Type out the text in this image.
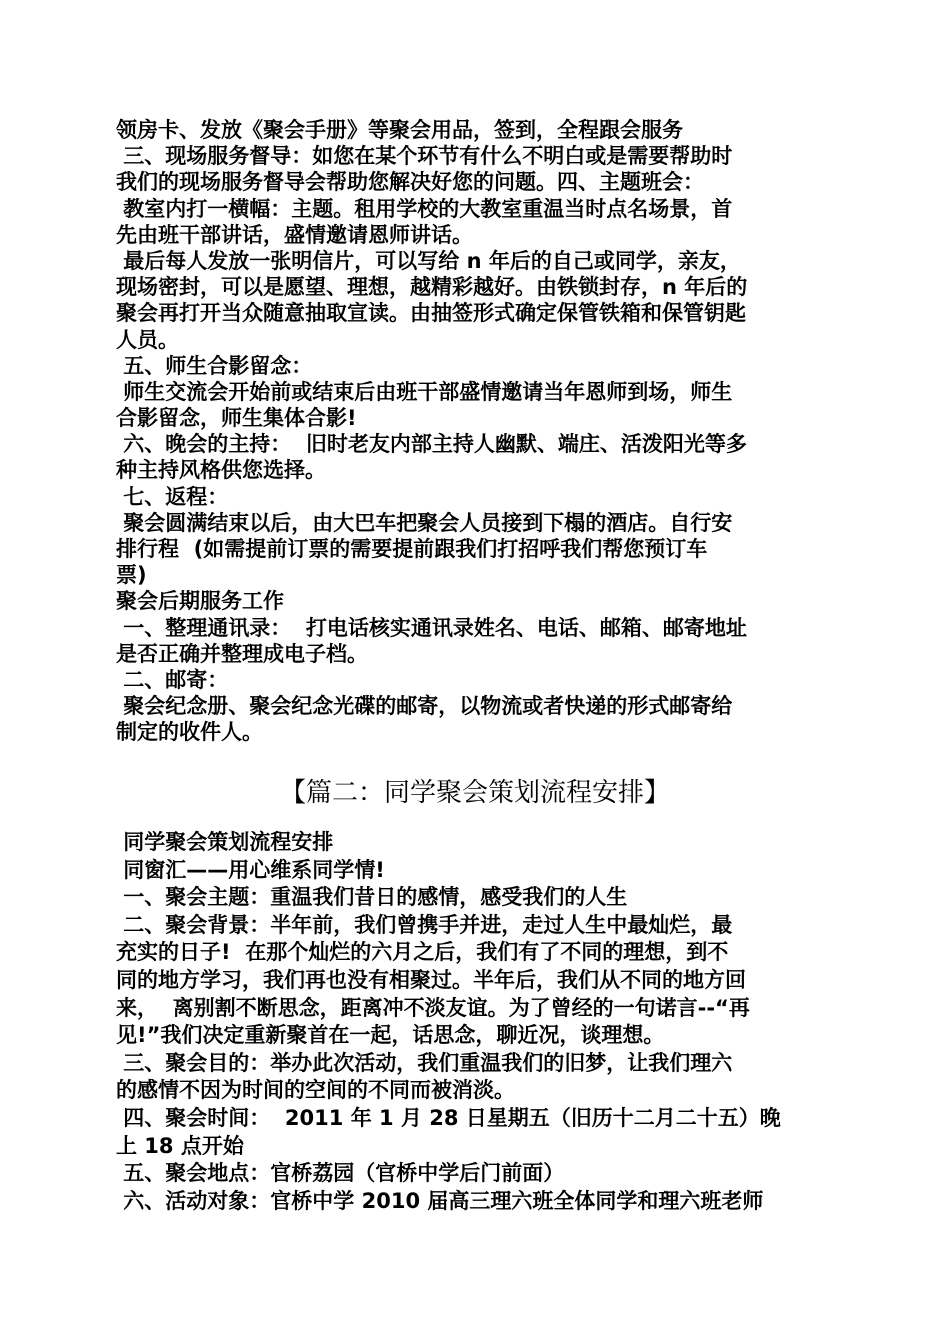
领房卡、发放《聚会手册》等聚会用品，签到，全程跟会服务
三、现场服务督导：如您在某个环节有什么不明白或是需要帮助时
我们的现场服务督导会帮助您解决好您的问题。四、主题班会：
教室内打一横幅：主题。租用学校的大教室重温当时点名场景，首
先由班干部讲话，盛情邀请恩师讲话。
最后每人发放一张明信片，可以写给 n 年后的自己或同学，亲友，
现场密封，可以是愿望、理想，越精彩越好。由铁锁封存，n 年后的
聚会再打开当众随意抽取宣读。由抽签形式确定保管铁箱和保管钥匙
人员。
五、师生合影留念：
师生交流会开始前或结束后由班干部盛情邀请当年恩师到场，师生
合影留念，师生集体合影!
六、晚会的主持：  旧时老友内部主持人幽默、端庄、活泼阳光等多
种主持风格供您选择。
七、返程：
聚会圆满结束以后，由大巴车把聚会人员接到下榻的酒店。自行安
排行程  (如需提前订票的需要提前跟我们打招呼我们帮您预订车
票)
聚会后期服务工作
一、整理通讯录：  打电话核实通讯录姓名、电话、邮箱、邮寄地址
是否正确并整理成电子档。
二、邮寄：
聚会纪念册、聚会纪念光碟的邮寄，以物流或者快递的形式邮寄给
制定的收件人。
【篇二：同学聚会策划流程安排】
同学聚会策划流程安排
同窗汇——用心维系同学情!
一、聚会主题：重温我们昔日的感情，感受我们的人生
二、聚会背景：半年前，我们曾携手并进，走过人生中最灿烂，最
充实的日子!  在那个灿烂的六月之后，我们有了不同的理想，到不
同的地方学习，我们再也没有相聚过。半年后，我们从不同的地方回
来，  离别割不断思念，距离冲不淡友谊。为了曾经的一句诺言--“再
见!”我们决定重新聚首在一起，话思念，聊近况，谈理想。
三、聚会目的：举办此次活动，我们重温我们的旧梦，让我们理六
的感情不因为时间的空间的不同而被消淡。
四、聚会时间：  2011 年 1 月 28 日星期五（旧历十二月二十五）晚
上 18 点开始
五、聚会地点：官桥荔园（官桥中学后门前面）
六、活动对象：官桥中学 2010 届高三理六班全体同学和理六班老师
